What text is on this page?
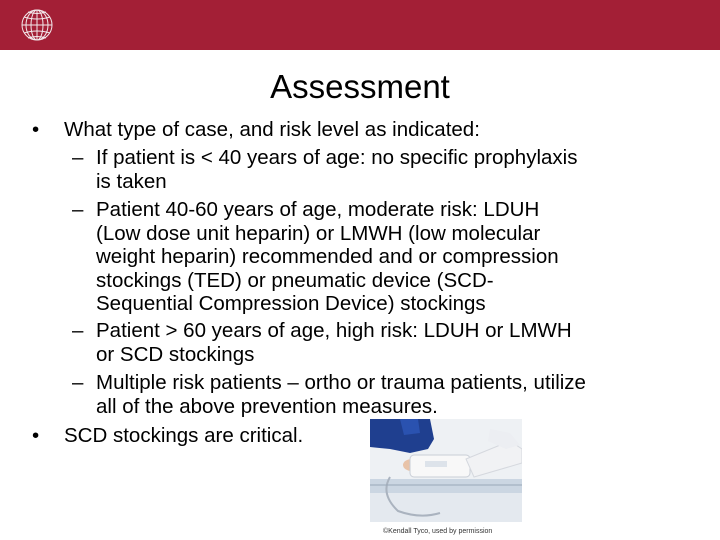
Assessment
• What type of case, and risk level as indicated:
– If patient is < 40 years of age: no specific prophylaxis
is taken
– Patient 40-60 years of age, moderate risk: LDUH
(Low dose unit heparin) or LMWH (low molecular
weight heparin) recommended and or compression
stockings (TED) or pneumatic device (SCD-
Sequential Compression Device) stockings
– Patient > 60 years of age, high risk: LDUH or LMWH
or SCD stockings
– Multiple risk patients – ortho or trauma patients, utilize
all of the above prevention measures.
• SCD stockings are critical.
©Kendall Tyco, used by permission
